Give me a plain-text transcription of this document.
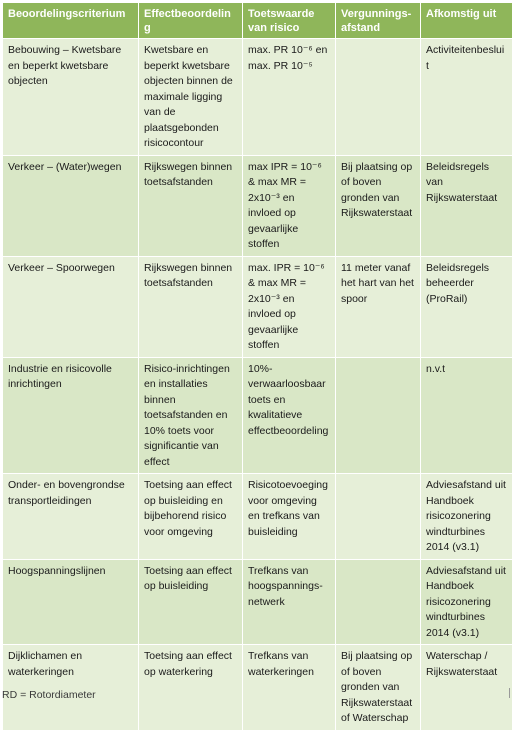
Beoordelingscriterium	Effectbeoordeling	Toetswaarde van risico	Vergunnings-afstand	Afkomstig uit
Bebouwing – Kwetsbare en beperkt kwetsbare objecten	Kwetsbare en beperkt kwetsbare objecten binnen de maximale ligging van de plaatsgebonden risicocontour	max. PR 10⁻⁶ en max. PR 10⁻⁵		Activiteitenbesluit
Verkeer – (Water)wegen	Rijkswegen binnen toetsafstanden	max IPR = 10⁻⁶ & max MR = 2x10⁻³ en invloed op gevaarlijke stoffen	Bij plaatsing op of boven gronden van Rijkswaterstaat	Beleidsregels van Rijkswaterstaat
Verkeer – Spoorwegen	Rijkswegen binnen toetsafstanden	max. IPR = 10⁻⁶ & max MR = 2x10⁻³ en invloed op gevaarlijke stoffen	11 meter vanaf het hart van het spoor	Beleidsregels beheerder (ProRail)
Industrie en risicovolle inrichtingen	Risico-inrichtingen en installaties binnen toetsafstanden en 10% toets voor significantie van effect	10%-verwaarloosbaar toets en kwalitatieve effectbeoordeling		n.v.t
Onder- en bovengrondse transportleidingen	Toetsing aan effect op buisleiding en bijbehorend risico voor omgeving	Risicotoevoeging voor omgeving en trefkans van buisleiding		Adviesafstand uit Handboek risicozonering windturbines 2014 (v3.1)
Hoogspanningslijnen	Toetsing aan effect op buisleiding	Trefkans van hoogspannings-netwerk		Adviesafstand uit Handboek risicozonering windturbines 2014 (v3.1)
Dijklichamen en waterkeringen	Toetsing aan effect op waterkering	Trefkans van waterkeringen	Bij plaatsing op of boven gronden van Rijkswaterstaat of Waterschap	Waterschap / Rijkswaterstaat
RD = Rotordiameter
